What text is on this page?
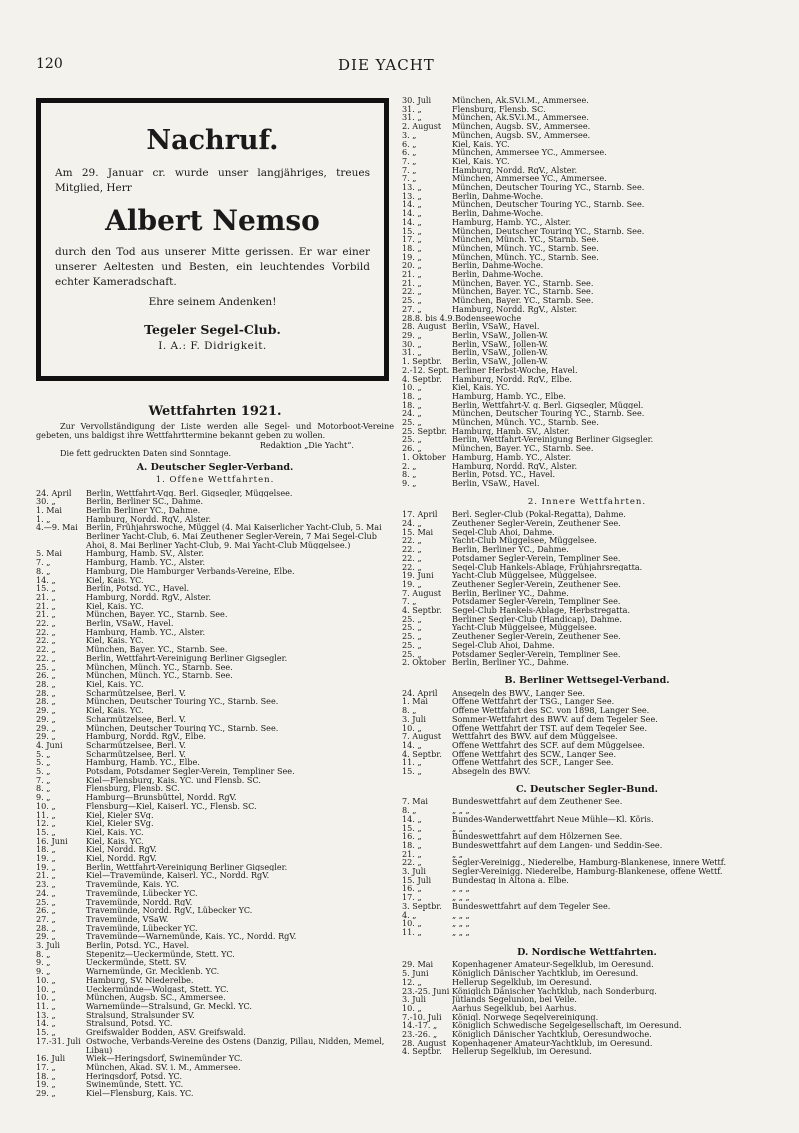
120	DIE YACHT
Nachruf.
Am 29. Januar cr. wurde unser langjähriges, treues Mitglied, Herr
Albert Nemso
durch den Tod aus unserer Mitte gerissen. Er war einer unserer Aeltesten und Besten, ein leuchtendes Vorbild echter Kameradschaft.
Ehre seinem Andenken!
Tegeler Segel-Club.
I. A.: F. Didrigkeit.
Wettfahrten 1921.
Zur Vervollständigung der Liste werden alle Segel- und Motorboot-Vereine gebeten, uns baldigst ihre Wettfahrttermine bekannt geben zu wollen.
Redaktion „Die Yacht“.
Die fett gedruckten Daten sind Sonntage.
A. Deutscher Segler-Verband.
1. Offene Wettfahrten.
24. April	Berlin, Wettfahrt-Vgg. Berl. Gigsegler, Müggelsee.
30. „	Berlin, Berliner SC., Dahme.
1. Mai	Berlin Berliner YC., Dahme.
1. „	Hamburg, Nordd. RgV., Alster.
4.—9. Mai	Berlin, Frühjahrswoche, Müggel (4. Mai Kaiserlicher Yacht-Club, 5. Mai Berliner Yacht-Club, 6. Mai Zeuthener Segler-Verein, 7 Mai Segel-Club Ahoi, 8. Mai Berliner Yacht-Club, 9. Mai Yacht-Club Müggelsee.)
5. Mai	Hamburg, Hamb. SV., Alster.
7. „	Hamburg, Hamb. YC., Alster.
8. „	Hamburg, Die Hamburger Verbands-Vereine, Elbe.
14. „	Kiel, Kais. YC.
15. „	Berlin, Potsd. YC., Havel.
21. „	Hamburg, Nordd. RgV., Alster.
21. „	Kiel, Kais. YC.
21. „	München, Bayer. YC., Starnb. See.
22. „	Berlin, VSaW., Havel.
22. „	Hamburg, Hamb. YC., Alster.
22. „	Kiel, Kais. YC.
22. „	München, Bayer. YC., Starnb. See.
22. „	Berlin, Wettfahrt-Vereinigung Berliner Gigsegler.
25. „	München, Münch. YC., Starnb. See.
26. „	München, Münch. YC., Starnb. See.
28. „	Kiel, Kais. YC.
28. „	Scharmützelsee, Berl. V.
28. „	München, Deutscher Touring YC., Starnb. See.
29. „	Kiel, Kais. YC.
29. „	Scharmützelsee, Berl. V.
29. „	München, Deutscher Touring YC., Starnb. See.
29. „	Hamburg, Nordd. RgV., Elbe.
4. Juni	Scharmützelsee, Berl. V.
5. „	Scharmützelsee, Berl. V.
5. „	Hamburg, Hamb. YC., Elbe.
5. „	Potsdam, Potsdamer Segler-Verein, Templiner See.
7. „	Kiel—Flensburg, Kais. YC. und Flensb. SC.
8. „	Flensburg, Flensb. SC.
9. „	Hamburg—Brunsbüttel, Nordd. RgV.
10. „	Flensburg—Kiel, Kaiserl. YC., Flensb. SC.
11. „	Kiel, Kieler SVg.
12. „	Kiel, Kieler SVg.
15. „	Kiel, Kais. YC.
16. Juni	Kiel, Kais. YC.
18. „	Kiel, Nordd. RgV.
19. „	Kiel, Nordd. RgV.
19. „	Berlin, Wettfahrt-Vereinigung Berliner Gigsegler.
21. „	Kiel—Travemünde, Kaiserl. YC., Nordd. RgV.
23. „	Travemünde, Kais. YC.
24. „	Travemünde, Lübecker YC.
25. „	Travemünde, Nordd. RgV.
26. „	Travemünde, Nordd. RgV., Lübecker YC.
27. „	Travemünde, VSaW.
28. „	Travemünde, Lübecker YC.
29. „	Travemünde—Warnemünde, Kais. YC., Nordd. RgV.
3. Juli	Berlin, Potsd. YC., Havel.
8. „	Stepenitz—Ueckermünde, Stett. YC.
9. „	Ueckermünde, Stett. SV.
9. „	Warnemünde, Gr. Mecklenb. YC.
10. „	Hamburg, SV. Niederelbe.
10. „	Ueckermünde—Wolgast, Stett. YC.
10. „	München, Augsb. SC., Ammersee.
11. „	Warnemünde—Stralsund, Gr. Meckl. YC.
13. „	Stralsund, Stralsunder SV.
14. „	Stralsund, Potsd. YC.
15. „	Greifswalder Bodden, ASV. Greifswald.
17.-31. Juli Ostwoche, Verbands-Vereine des Ostens (Danzig, Pillau, Nidden, Memel, Libau)
16. Juli	Wiek—Heringsdorf, Swinemünder YC.
17. „	München, Akad. SV. i. M., Ammersee.
18. „	Heringsdorf, Potsd. YC.
19. „	Swinemünde, Stett. YC.
29. „	Kiel—Flensburg, Kais. YC.
30. Juli	München, Ak.SV.i.M., Ammersee.
31. „	Flensburg, Flensb. SC.
31. „	München, Ak.SV.i.M., Ammersee.
2. August	München, Augsb. SV., Ammersee.
3. „	München, Augsb. SV., Ammersee.
6. „	Kiel, Kais. YC.
6. „	München, Ammersee YC., Ammersee.
7. „	Kiel, Kais. YC.
7. „	Hamburg, Nordd. RgV., Alster.
7. „	München, Ammersee YC., Ammersee.
13. „	München, Deutscher Touring YC., Starnb. See.
13. „	Berlin, Dahme-Woche.
14. „	München, Deutscher Touring YC., Starnb. See.
14. „	Berlin, Dahme-Woche.
14. „	Hamburg, Hamb. YC., Alster.
15. „	München, Deutscher Touring YC., Starnb. See.
17. „	München, Münch. YC., Starnb. See.
18. „	München, Münch. YC., Starnb. See.
19. „	München, Münch. YC., Starnb. See.
20. „	Berlin, Dahme-Woche.
21. „	Berlin, Dahme-Woche.
21. „	München, Bayer. YC., Starnb. See.
22. „	München, Bayer. YC., Starnb. See.
25. „	München, Bayer. YC., Starnb. See.
27. „	Hamburg, Nordd. RgV., Alster.
28.8. bis 4.9. Bodenseewoche
28. August Berlin, VSaW., Havel.
29. „	Berlin, VSaW., Jollen-W.
30. „	Berlin, VSaW., Jollen-W.
31. „	Berlin, VSaW., Jollen-W.
1. Septbr.	Berlin, VSaW., Jollen-W.
2.-12. Sept. Berliner Herbst-Woche, Havel.
4. Septbr.	Hamburg, Nordd. RgV., Elbe.
10. „	Kiel, Kais. YC.
18. „	Hamburg, Hamb. YC., Elbe.
18. „	Berlin, Wettfahrt-V. g. Berl. Gigsegler, Müggel.
24. „	München, Deutscher Touring YC., Starnb. See.
25. „	München, Münch. YC., Starnb. See.
25. Septbr. Hamburg, Hamb. SV., Alster.
25. „	Berlin, Wettfahrt-Vereinigung Berliner Gigsegler.
26. „	München, Bayer. YC., Starnb. See.
1. Oktober Hamburg, Hamb. YC., Alster.
2. „	Hamburg, Nordd. RgV., Alster.
8. „	Berlin, Potsd. YC., Havel.
9. „	Berlin, VSaW., Havel.
2. Innere Wettfahrten.
17. April	Berl. Segler-Club (Pokal-Regatta), Dahme.
24. „	Zeuthener Segler-Verein, Zeuthener See.
15. Mai	Segel-Club Ahoi, Dahme.
22. „	Yacht-Club Müggelsee, Müggelsee.
22. „	Berlin, Berliner YC., Dahme.
22. „	Potsdamer Segler-Verein, Templiner See.
22. „	Segel-Club Hankels-Ablage, Frühjahrsregatta.
19. Juni	Yacht-Club Müggelsee, Müggelsee.
19. „	Zeuthener Segler-Verein, Zeuthener See.
7. August	Berlin, Berliner YC., Dahme.
7. „	Potsdamer Segler-Verein, Templiner See.
4. Septbr.	Segel-Club Hankels-Ablage, Herbstregatta.
25. „	Berliner Segler-Club (Handicap), Dahme.
25. „	Yacht-Club Müggelsee, Müggelsee.
25. „	Zeuthener Segler-Verein, Zeuthener See.
25. „	Segel-Club Ahoi, Dahme.
25. „	Potsdamer Segler-Verein, Templiner See.
2. Oktober Berlin, Berliner YC., Dahme.
B. Berliner Wettsegel-Verband.
24. April	Ansegeln des BWV., Langer See.
1. Mai	Offene Wettfahrt der TSG., Langer See.
8. „	Offene Wettfahrt des SC. von 1898, Langer See.
3. Juli	Sommer-Wettfahrt des BWV. auf dem Tegeler See.
10. „	Offene Wettfahrt der TST. auf dem Tegeler See.
7. August	Wettfahrt des BWV. auf dem Müggelsee.
14. „	Offene Wettfahrt des SCF. auf dem Müggelsee.
4. Septbr.	Offene Wettfahrt des SCW., Langer See.
11. „	Offene Wettfahrt des SCF., Langer See.
15. „	Absegeln des BWV.
C. Deutscher Segler-Bund.
7. Mai	Bundeswettfahrt auf dem Zeuthener See.
8. „	„ „ „
14. „	Bundes-Wanderwettfahrt Neue Mühle—Kl. Köris.
15. „	„ „
16. „	Bundeswettfahrt auf dem Hölzernen See.
18. „	Bundeswettfahrt auf dem Langen- und Seddin-See.
21. „	„ „
22. „	Segler-Vereinigg., Niederelbe, Hamburg-Blankenese, innere Wettf.
3. Juli	Segler-Vereinigg. Niederelbe, Hamburg-Blankenese, offene Wettf.
15. Juli	Bundestag in Altona a. Elbe.
16. „	„ „ „
17. „	„ „ „
3. Septbr.	Bundeswettfahrt auf dem Tegeler See.
4. „	„ „ „
10. „	„ „ „
11. „	„ „ „
D. Nordische Wettfahrten.
29. Mai	Kopenhagener Amateur-Segelklub, im Oeresund.
5. Juni	Königlich Dänischer Yachtklub, im Oeresund.
12. „	Hellerup Segelklub, im Oeresund.
23.-25. Juni Königlich Dänischer Yachtklub, nach Sonderburg.
3. Juli	Jütlands Segelunion, bei Veile.
10. „	Aarhus Segelklub, bei Aarhus.
7.-10. Juli	Königl. Norwege Segelvereinigung.
14.-17. „	Königlich Schwedische Segelgesellschaft, im Oeresund.
23.-26. „	Königlich Dänischer Yachtklub, Oeresundwoche.
28. August Kopenhagener Amateur-Yachtklub, im Oeresund.
4. Septbr.	Hellerup Segelklub, im Oeresund.
